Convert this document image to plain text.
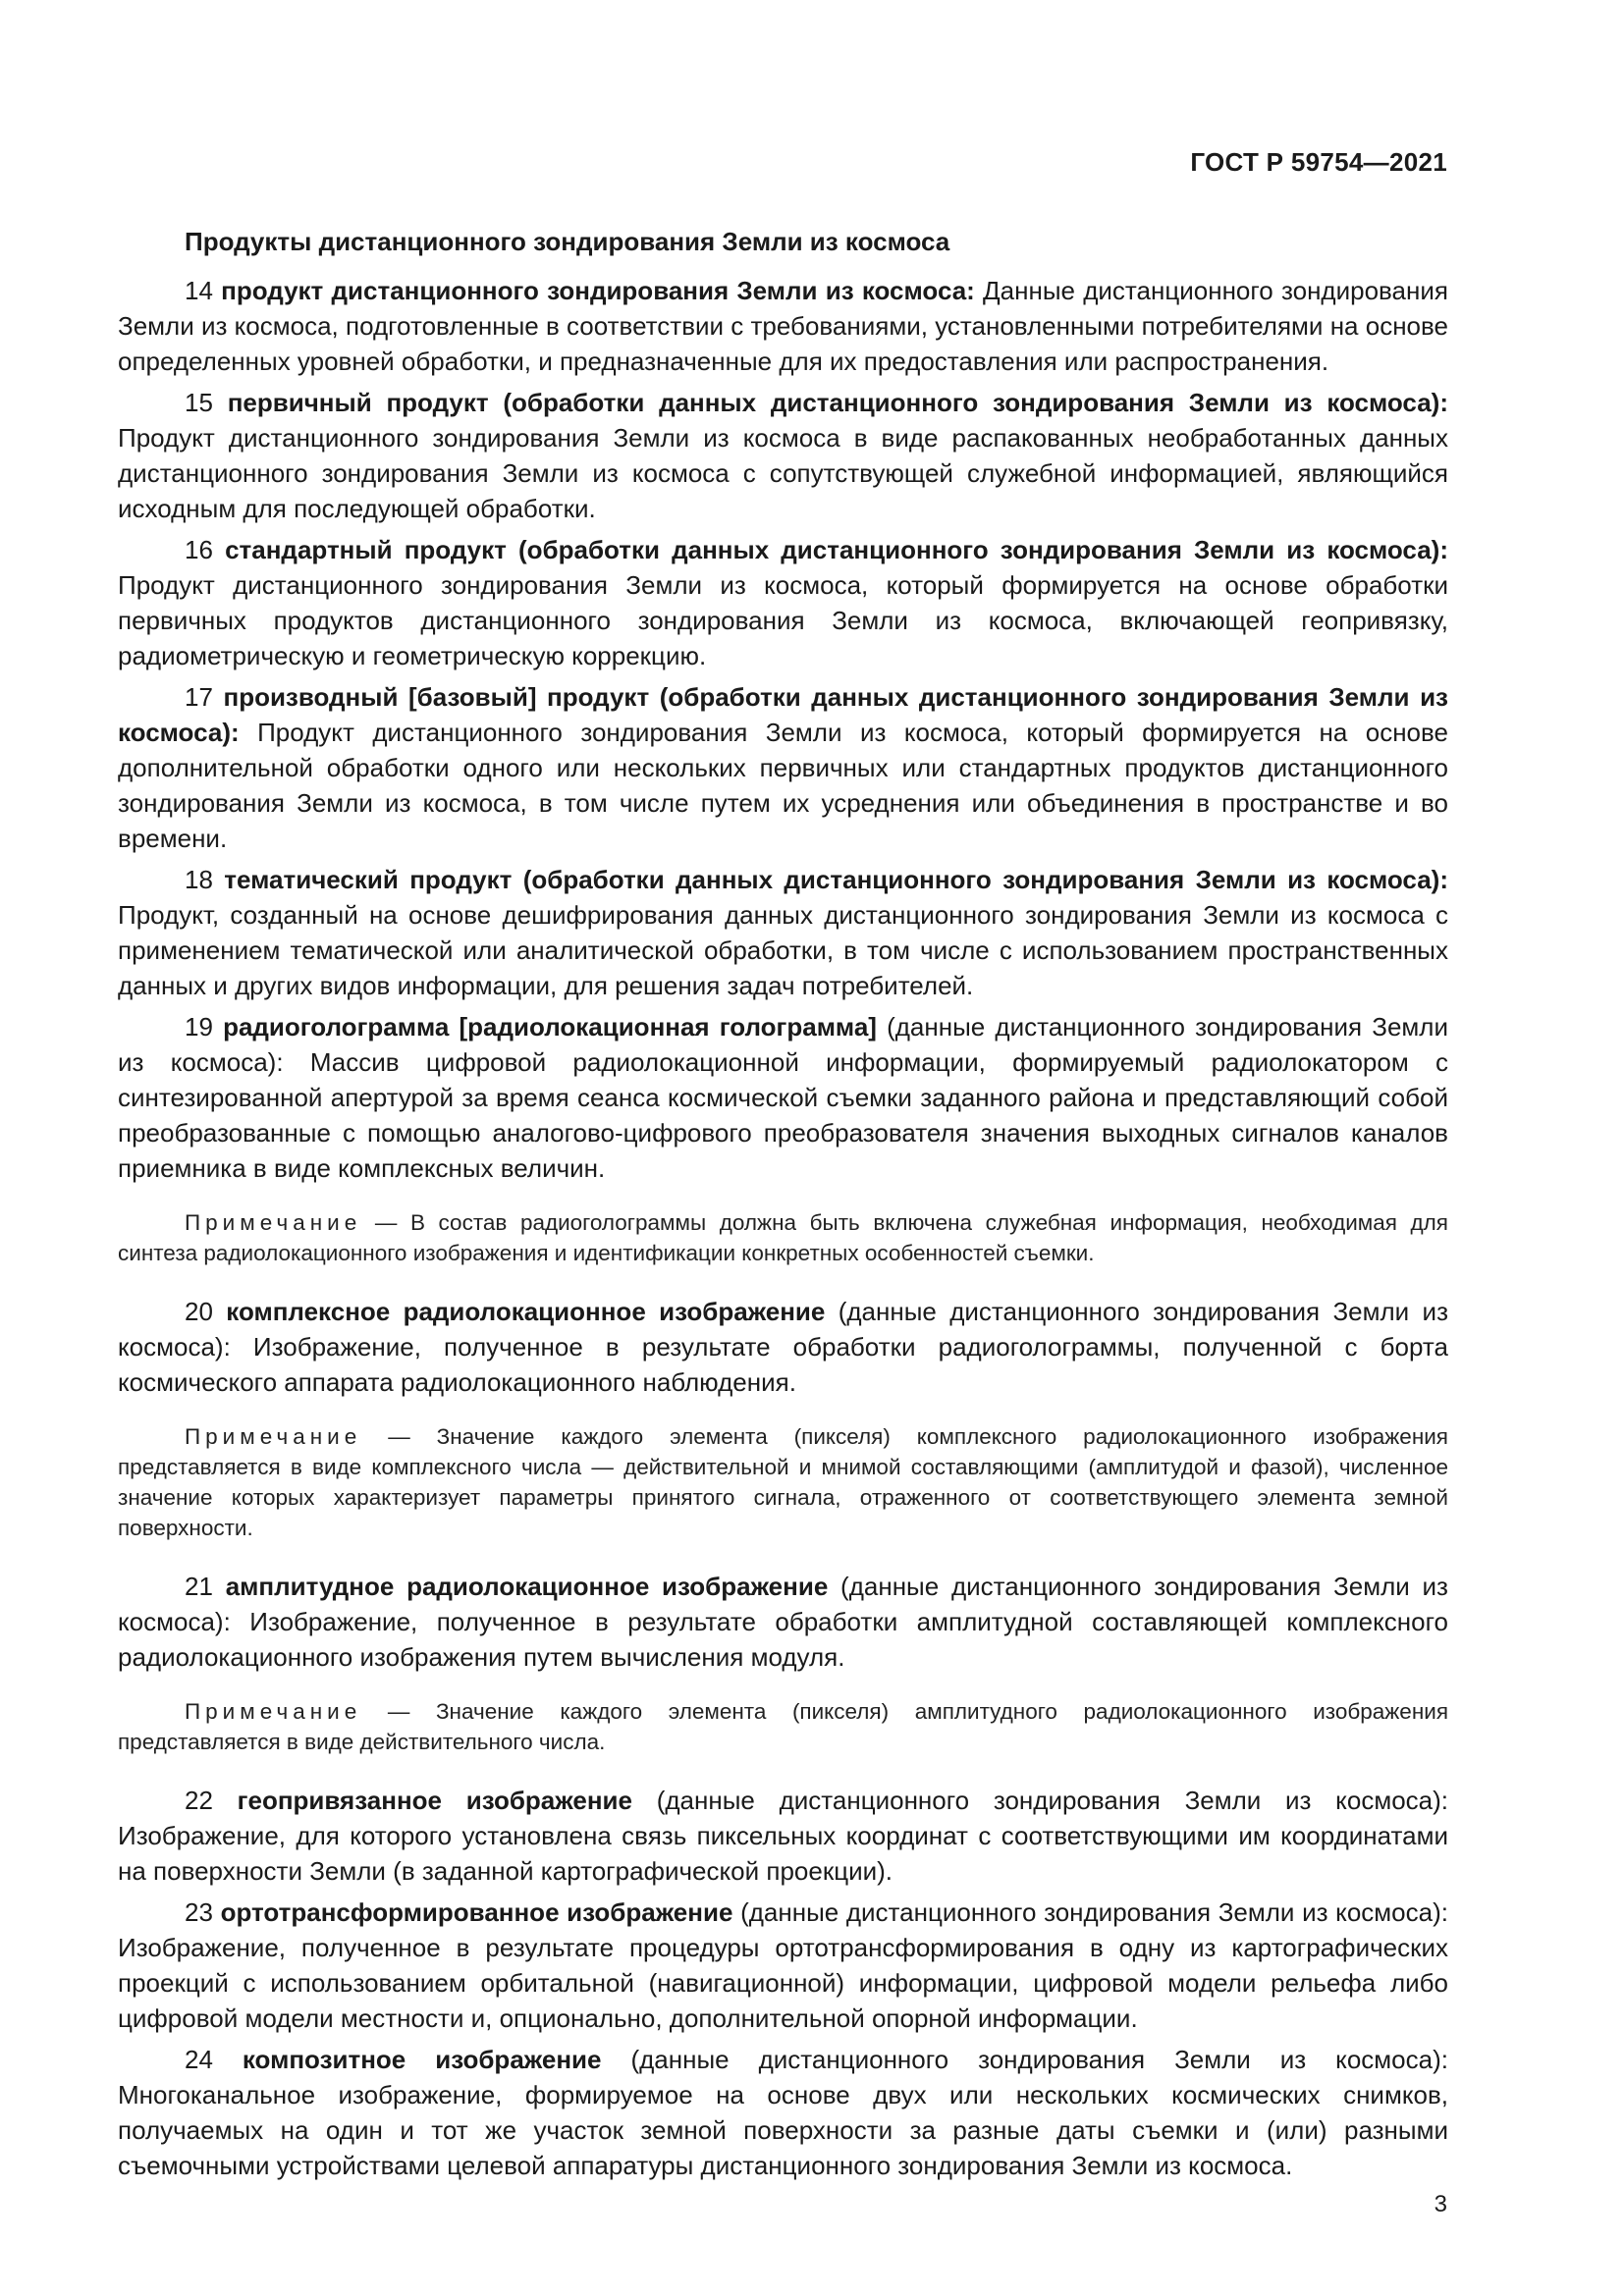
ГОСТ Р 59754—2021
Продукты дистанционного зондирования Земли из космоса

14 продукт дистанционного зондирования Земли из космоса: Данные дистанционного зондирования Земли из космоса, подготовленные в соответствии с требованиями, установленными потребителями на основе определенных уровней обработки, и предназначенные для их предоставления или распространения.

15 первичный продукт (обработки данных дистанционного зондирования Земли из космоса): Продукт дистанционного зондирования Земли из космоса в виде распакованных необработанных данных дистанционного зондирования Земли из космоса с сопутствующей служебной информацией, являющийся исходным для последующей обработки.

16 стандартный продукт (обработки данных дистанционного зондирования Земли из космоса): Продукт дистанционного зондирования Земли из космоса, который формируется на основе обработки первичных продуктов дистанционного зондирования Земли из космоса, включающей геопривязку, радиометрическую и геометрическую коррекцию.

17 производный [базовый] продукт (обработки данных дистанционного зондирования Земли из космоса): Продукт дистанционного зондирования Земли из космоса, который формируется на основе дополнительной обработки одного или нескольких первичных или стандартных продуктов дистанционного зондирования Земли из космоса, в том числе путем их усреднения или объединения в пространстве и во времени.

18 тематический продукт (обработки данных дистанционного зондирования Земли из космоса): Продукт, созданный на основе дешифрирования данных дистанционного зондирования Земли из космоса с применением тематической или аналитической обработки, в том числе с использованием пространственных данных и других видов информации, для решения задач потребителей.

19 радиоголограмма [радиолокационная голограмма] (данные дистанционного зондирования Земли из космоса): Массив цифровой радиолокационной информации, формируемый радиолокатором с синтезированной апертурой за время сеанса космической съемки заданного района и представляющий собой преобразованные с помощью аналогово-цифрового преобразователя значения выходных сигналов каналов приемника в виде комплексных величин.

Примечание — В состав радиоголограммы должна быть включена служебная информация, необходимая для синтеза радиолокационного изображения и идентификации конкретных особенностей съемки.

20 комплексное радиолокационное изображение (данные дистанционного зондирования Земли из космоса): Изображение, полученное в результате обработки радиоголограммы, полученной с борта космического аппарата радиолокационного наблюдения.

Примечание — Значение каждого элемента (пикселя) комплексного радиолокационного изображения представляется в виде комплексного числа — действительной и мнимой составляющими (амплитудой и фазой), численное значение которых характеризует параметры принятого сигнала, отраженного от соответствующего элемента земной поверхности.

21 амплитудное радиолокационное изображение (данные дистанционного зондирования Земли из космоса): Изображение, полученное в результате обработки амплитудной составляющей комплексного радиолокационного изображения путем вычисления модуля.

Примечание — Значение каждого элемента (пикселя) амплитудного радиолокационного изображения представляется в виде действительного числа.

22 геопривязанное изображение (данные дистанционного зондирования Земли из космоса): Изображение, для которого установлена связь пиксельных координат с соответствующими им координатами на поверхности Земли (в заданной картографической проекции).

23 ортотрансформированное изображение (данные дистанционного зондирования Земли из космоса): Изображение, полученное в результате процедуры ортотрансформирования в одну из картографических проекций с использованием орбитальной (навигационной) информации, цифровой модели рельефа либо цифровой модели местности и, опционально, дополнительной опорной информации.

24 композитное изображение (данные дистанционного зондирования Земли из космоса): Многоканальное изображение, формируемое на основе двух или нескольких космических снимков, получаемых на один и тот же участок земной поверхности за разные даты съемки и (или) разными съемочными устройствами целевой аппаратуры дистанционного зондирования Земли из космоса.

3
